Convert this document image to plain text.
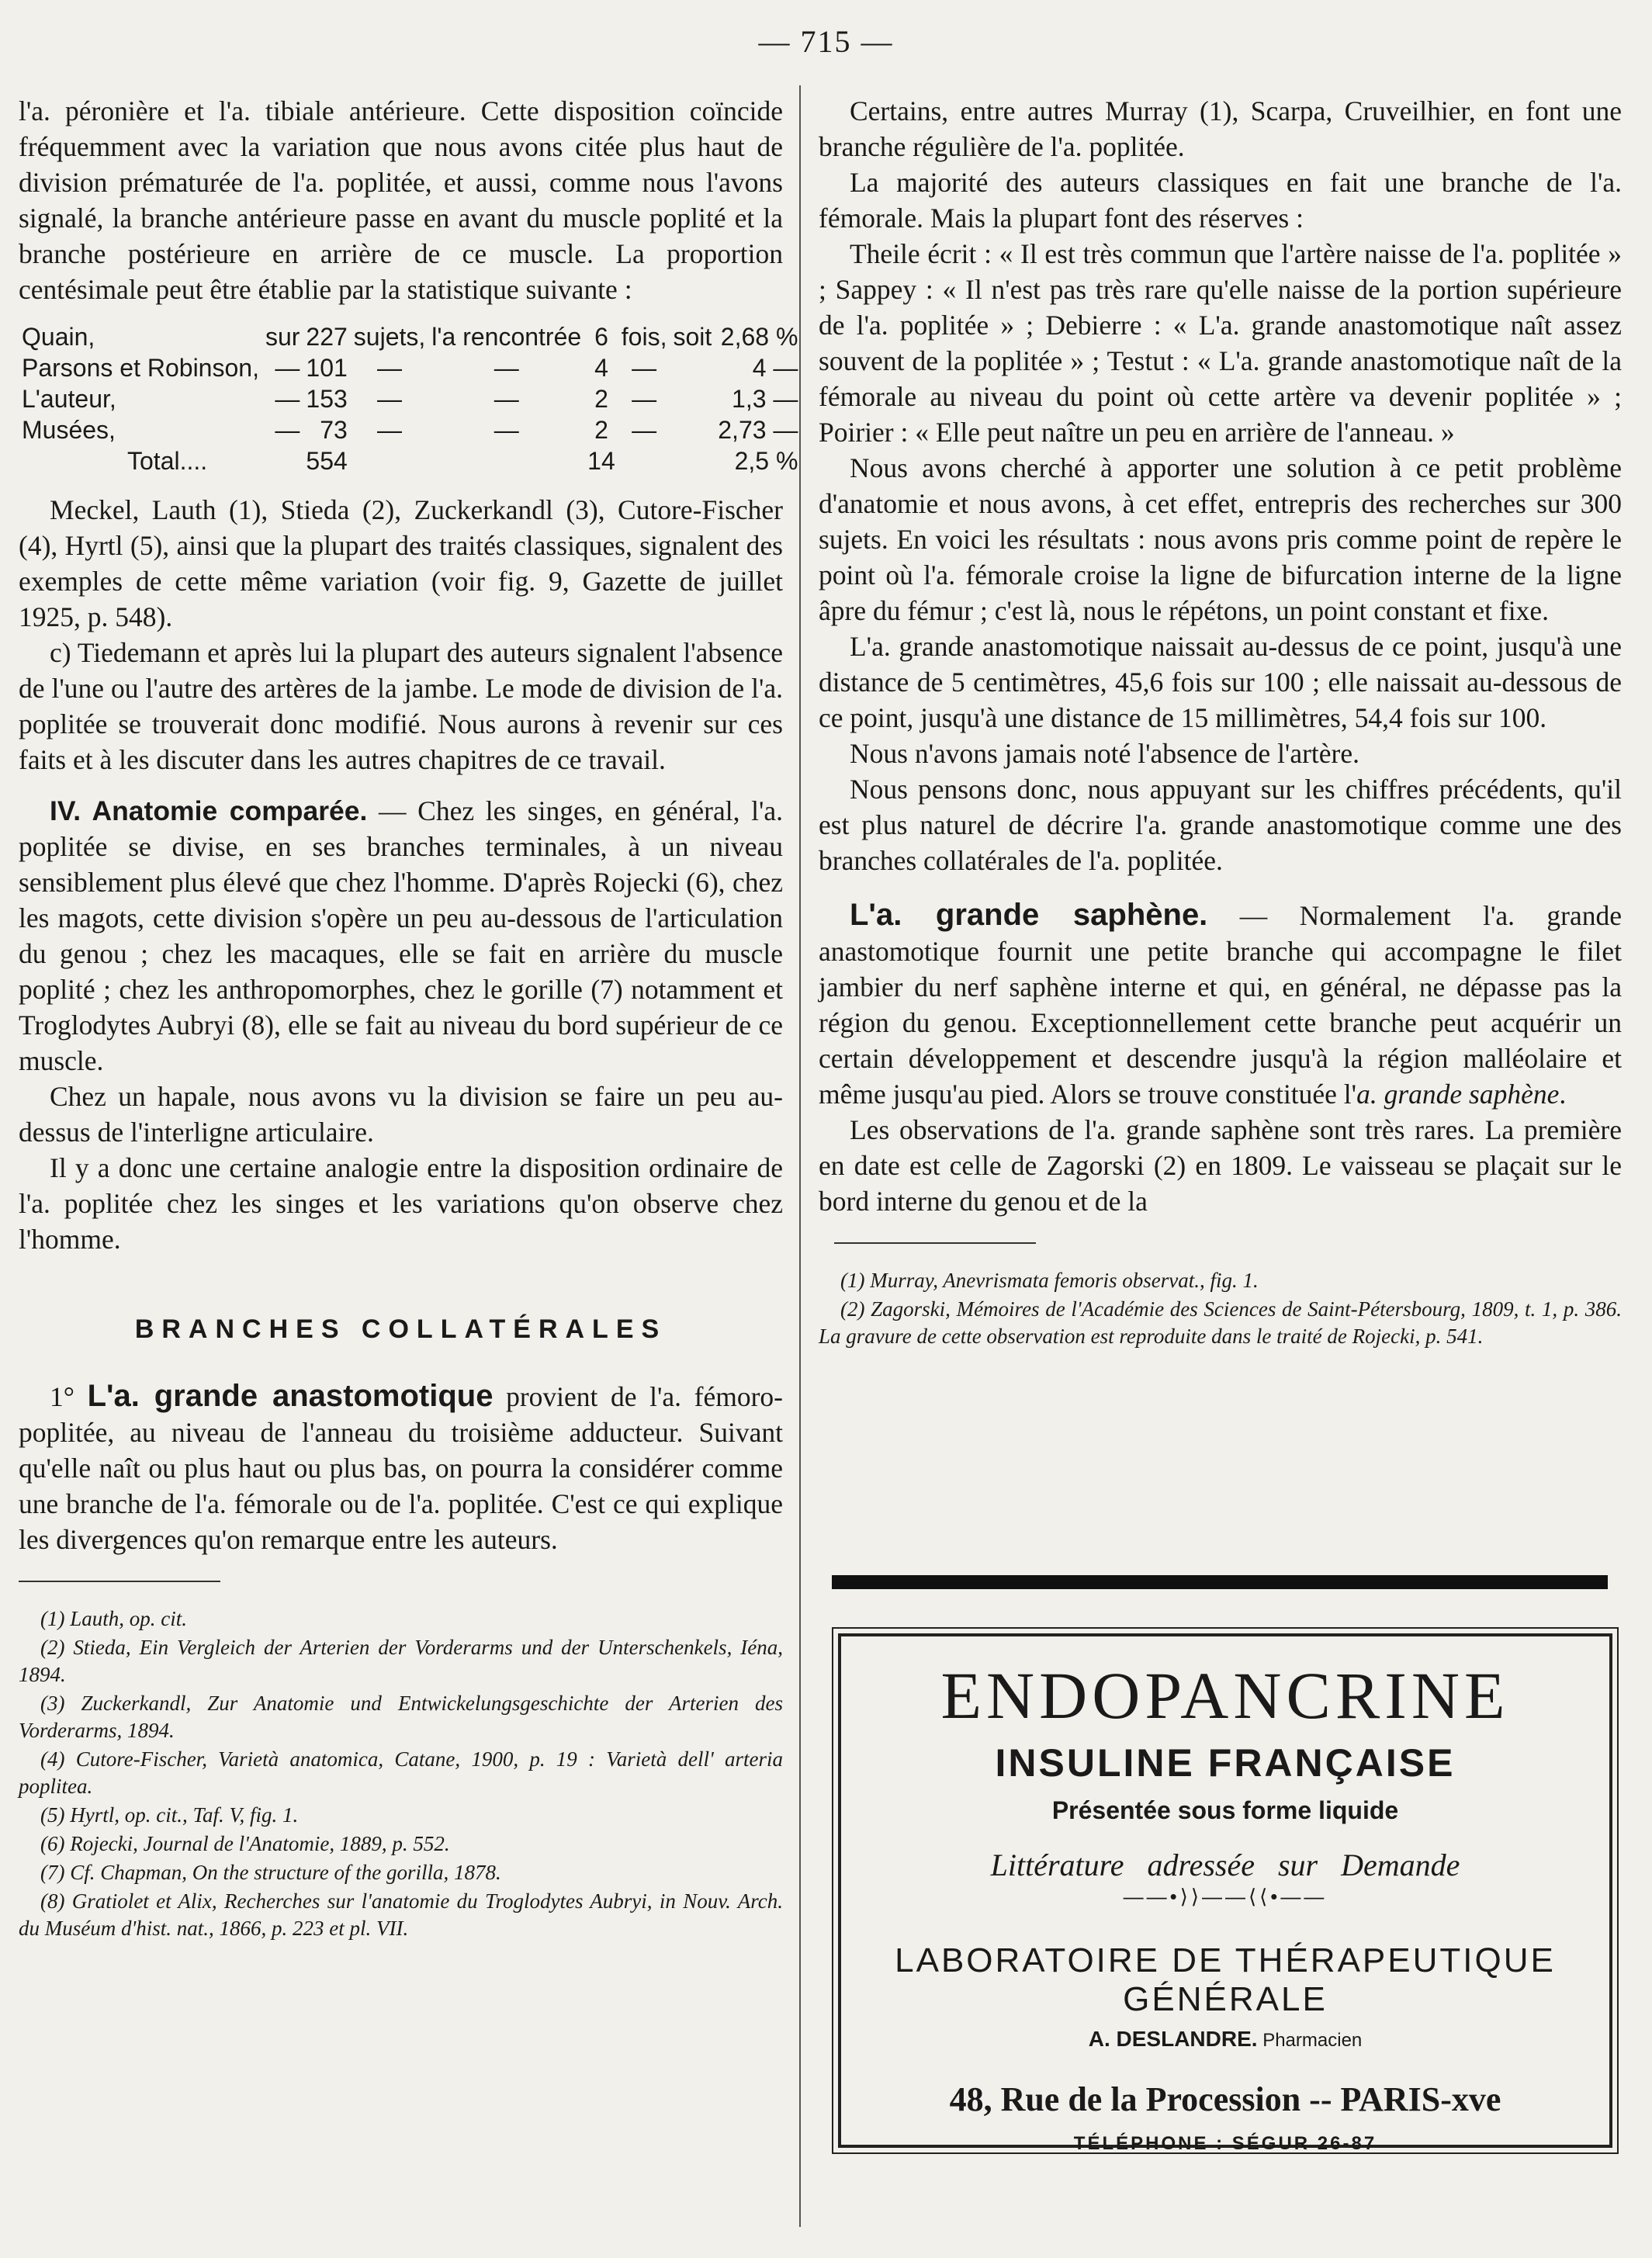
— 715 —

l'a. péronière et l'a. tibiale antérieure. Cette disposition coïncide fréquemment avec la variation que nous avons citée plus haut de division prématurée de l'a. poplitée, et aussi, comme nous l'avons signalé, la branche antérieure passe en avant du muscle poplité et la branche postérieure en arrière de ce muscle. La proportion centésimale peut être établie par la statistique suivante :

Quain,	sur	227	sujets,	l'a rencontrée	6	fois,	soit	2,68 %
Parsons et Robinson,	—	101	—	—	4	—		4 —
L'auteur,	—	153	—	—	2	—		1,3 —
Musées,	—	73	—	—	2	—		2,73 —
Total....		554			14			2,5 %

Meckel, Lauth (1), Stieda (2), Zuckerkandl (3), Cutore-Fischer (4), Hyrtl (5), ainsi que la plupart des traités classiques, signalent des exemples de cette même variation (voir fig. 9, Gazette de juillet 1925, p. 548).

c) Tiedemann et après lui la plupart des auteurs signalent l'absence de l'une ou l'autre des artères de la jambe. Le mode de division de l'a. poplitée se trouverait donc modifié. Nous aurons à revenir sur ces faits et à les discuter dans les autres chapitres de ce travail.

IV. Anatomie comparée. — Chez les singes, en général, l'a. poplitée se divise, en ses branches terminales, à un niveau sensiblement plus élevé que chez l'homme. D'après Rojecki (6), chez les magots, cette division s'opère un peu au-dessous de l'articulation du genou ; chez les macaques, elle se fait en arrière du muscle poplité ; chez les anthropomorphes, chez le gorille (7) notamment et Troglodytes Aubryi (8), elle se fait au niveau du bord supérieur de ce muscle.

Chez un hapale, nous avons vu la division se faire un peu au-dessus de l'interligne articulaire.

Il y a donc une certaine analogie entre la disposition ordinaire de l'a. poplitée chez les singes et les variations qu'on observe chez l'homme.

BRANCHES COLLATÉRALES

1° L'a. grande anastomotique provient de l'a. fémoro-poplitée, au niveau de l'anneau du troisième adducteur. Suivant qu'elle naît ou plus haut ou plus bas, on pourra la considérer comme une branche de l'a. fémorale ou de l'a. poplitée. C'est ce qui explique les divergences qu'on remarque entre les auteurs.

(1) Lauth, op. cit.

(2) Stieda, Ein Vergleich der Arterien der Vorderarms und der Unterschenkels, Iéna, 1894.

(3) Zuckerkandl, Zur Anatomie und Entwickelungsgeschichte der Arterien des Vorderarms, 1894.

(4) Cutore-Fischer, Varietà anatomica, Catane, 1900, p. 19 : Varietà dell' arteria poplitea.

(5) Hyrtl, op. cit., Taf. V, fig. 1.

(6) Rojecki, Journal de l'Anatomie, 1889, p. 552.

(7) Cf. Chapman, On the structure of the gorilla, 1878.

(8) Gratiolet et Alix, Recherches sur l'anatomie du Troglodytes Aubryi, in Nouv. Arch. du Muséum d'hist. nat., 1866, p. 223 et pl. VII.

Certains, entre autres Murray (1), Scarpa, Cruveilhier, en font une branche régulière de l'a. poplitée.

La majorité des auteurs classiques en fait une branche de l'a. fémorale. Mais la plupart font des réserves :

Theile écrit : « Il est très commun que l'artère naisse de l'a. poplitée » ; Sappey : « Il n'est pas très rare qu'elle naisse de la portion supérieure de l'a. poplitée » ; Debierre : « L'a. grande anastomotique naît assez souvent de la poplitée » ; Testut : « L'a. grande anastomotique naît de la fémorale au niveau du point où cette artère va devenir poplitée » ; Poirier : « Elle peut naître un peu en arrière de l'anneau. »

Nous avons cherché à apporter une solution à ce petit problème d'anatomie et nous avons, à cet effet, entrepris des recherches sur 300 sujets. En voici les résultats : nous avons pris comme point de repère le point où l'a. fémorale croise la ligne de bifurcation interne de la ligne âpre du fémur ; c'est là, nous le répétons, un point constant et fixe.

L'a. grande anastomotique naissait au-dessus de ce point, jusqu'à une distance de 5 centimètres, 45,6 fois sur 100 ; elle naissait au-dessous de ce point, jusqu'à une distance de 15 millimètres, 54,4 fois sur 100.

Nous n'avons jamais noté l'absence de l'artère.

Nous pensons donc, nous appuyant sur les chiffres précédents, qu'il est plus naturel de décrire l'a. grande anastomotique comme une des branches collatérales de l'a. poplitée.

L'a. grande saphène. — Normalement l'a. grande anastomotique fournit une petite branche qui accompagne le filet jambier du nerf saphène interne et qui, en général, ne dépasse pas la région du genou. Exceptionnellement cette branche peut acquérir un certain développement et descendre jusqu'à la région malléolaire et même jusqu'au pied. Alors se trouve constituée l'a. grande saphène.

Les observations de l'a. grande saphène sont très rares. La première en date est celle de Zagorski (2) en 1809. Le vaisseau se plaçait sur le bord interne du genou et de la

(1) Murray, Anevrismata femoris observat., fig. 1.

(2) Zagorski, Mémoires de l'Académie des Sciences de Saint-Pétersbourg, 1809, t. 1, p. 386. La gravure de cette observation est reproduite dans le traité de Rojecki, p. 541.

ENDOPANCRINE
INSULINE FRANÇAISE
Présentée sous forme liquide
Littérature adressée sur Demande
——•⟩⟩——⟨⟨•——
LABORATOIRE DE THÉRAPEUTIQUE GÉNÉRALE
A. DESLANDRE. Pharmacien
48, Rue de la Procession -- PARIS-xve
TÉLÉPHONE : SÉGUR 26-87
